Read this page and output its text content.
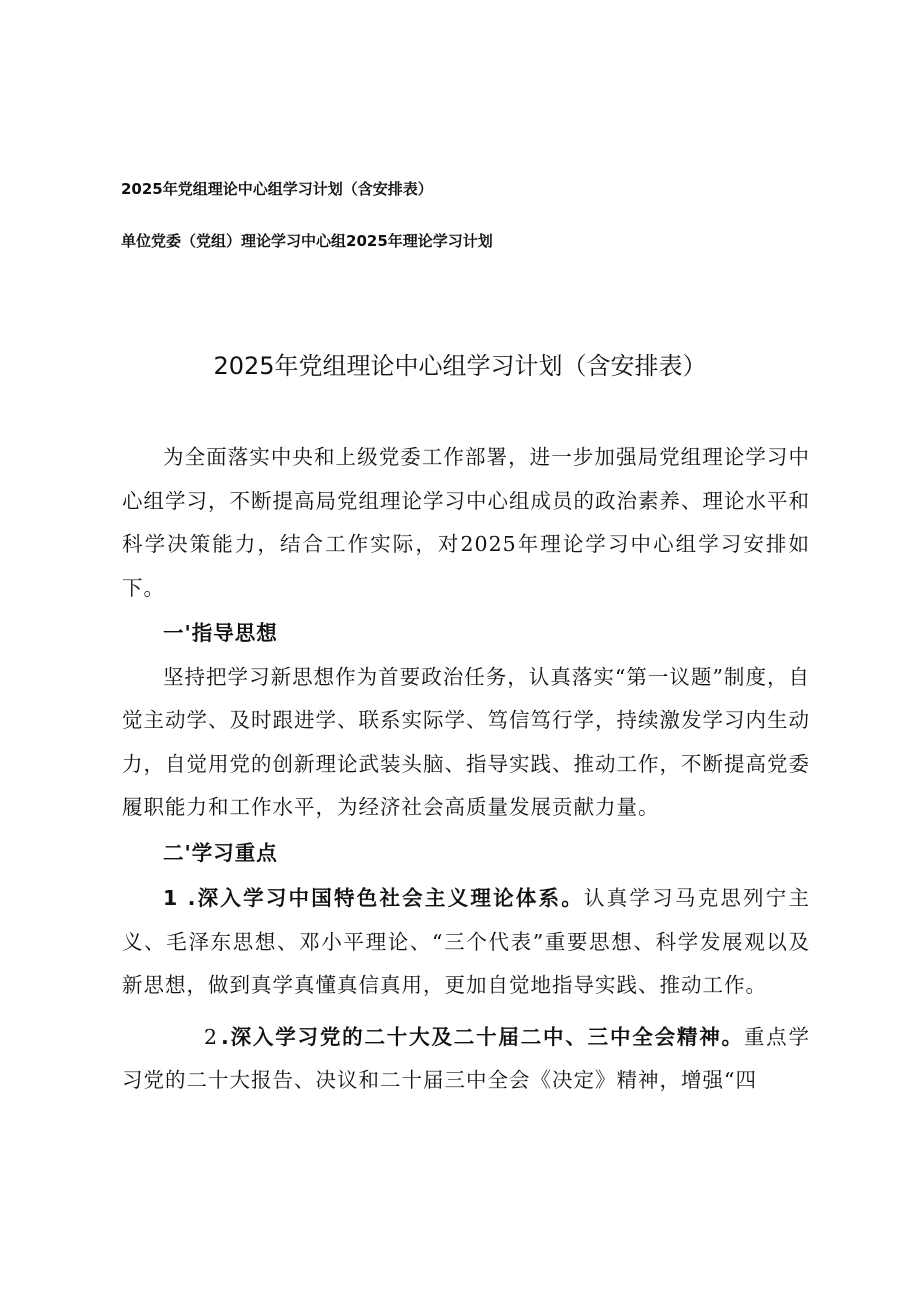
2025年党组理论中心组学习计划（含安排表）
单位党委（党组）理论学习中心组2025年理论学习计划
2025年党组理论中心组学习计划（含安排表）

为全面落实中央和上级党委工作部署，进一步加强局党组理论学习中心组学习，不断提高局党组理论学习中心组成员的政治素养、理论水平和科学决策能力，结合工作实际，对2025年理论学习中心组学习安排如下。

一'指导思想

坚持把学习新思想作为首要政治任务，认真落实“第一议题”制度，自觉主动学、及时跟进学、联系实际学、笃信笃行学，持续激发学习内生动力，自觉用党的创新理论武装头脑、指导实践、推动工作，不断提高党委履职能力和工作水平，为经济社会高质量发展贡献力量。

二'学习重点

1 .深入学习中国特色社会主义理论体系。认真学习马克思列宁主义、毛泽东思想、邓小平理论、“三个代表”重要思想、科学发展观以及新思想，做到真学真懂真信真用，更加自觉地指导实践、推动工作。

2 .深入学习党的二十大及二十届二中、三中全会精神。重点学习党的二十大报告、决议和二十届三中全会《决定》精神，增强“四
